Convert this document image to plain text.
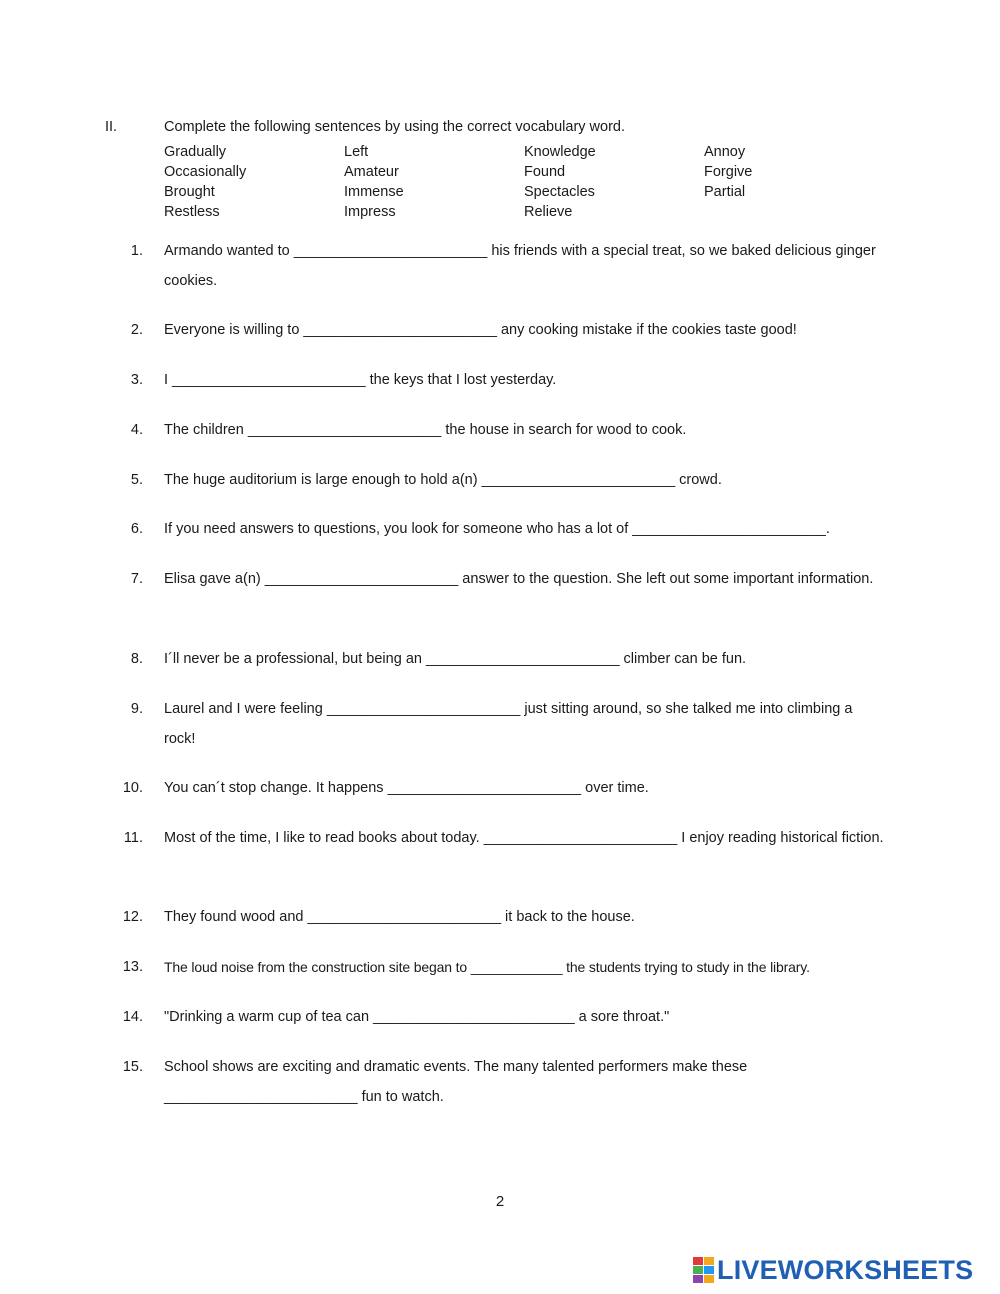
II.	Complete the following sentences by using the correct vocabulary word.
Gradually	Left	Knowledge	Annoy
Occasionally	Amateur	Found	Forgive
Brought	Immense	Spectacles	Partial
Restless	Impress	Relieve
1. Armando wanted to ________________________ his friends with a special treat, so we baked delicious ginger cookies.
2. Everyone is willing to ________________________ any cooking mistake if the cookies taste good!
3. I ________________________ the keys that I lost yesterday.
4. The children ________________________ the house in search for wood to cook.
5. The huge auditorium is large enough to hold a(n) ________________________ crowd.
6. If you need answers to questions, you look for someone who has a lot of ________________________.
7. Elisa gave a(n) ________________________ answer to the question. She left out some important information.
8. I´ll never be a professional, but being an ________________________ climber can be fun.
9. Laurel and I were feeling ________________________ just sitting around, so she talked me into climbing a rock!
10. You can´t stop change. It happens ________________________ over time.
11. Most of the time, I like to read books about today. ________________________ I enjoy reading historical fiction.
12. They found wood and ________________________ it back to the house.
13. The loud noise from the construction site began to ____________ the students trying to study in the library.
14. "Drinking a warm cup of tea can _________________________ a sore throat."
15. School shows are exciting and dramatic events. The many talented performers make these ________________________ fun to watch.
2
LIVEWORKSHEETS
